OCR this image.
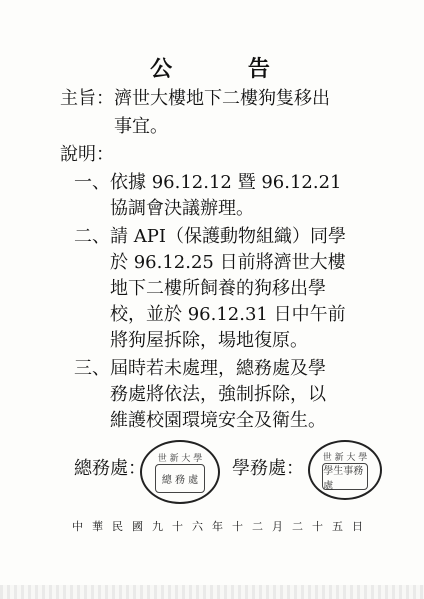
公 告
主旨：濟世大樓地下二樓狗隻移出
事宜。
說明：
一、依據 96.12.12 暨 96.12.21
協調會決議辦理。
二、請 API（保護動物組織）同學
於 96.12.25 日前將濟世大樓
地下二樓所飼養的狗移出學
校，並於 96.12.31 日中午前
將狗屋拆除，場地復原。
三、屆時若未處理，總務處及學
務處將依法，強制拆除，以
維護校園環境安全及衛生。
總務處： 世 新 大 學
總 務 處
學務處： 世 新 大 學
學生事務處
中華民國九十六年十二月二十五日
